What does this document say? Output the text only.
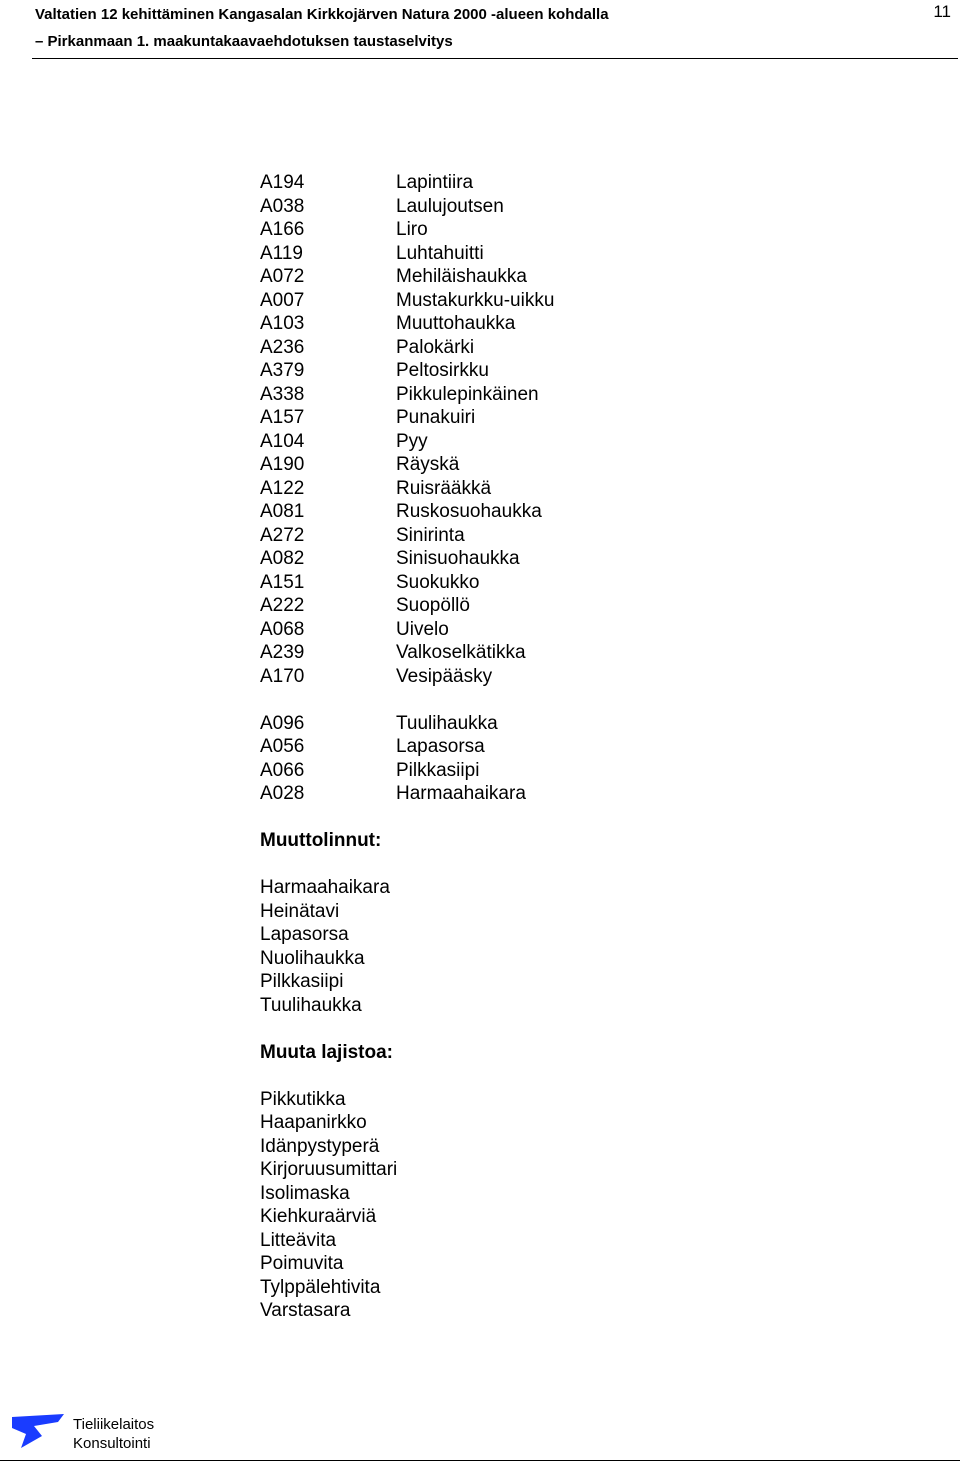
Valtatien 12 kehittäminen Kangasalan Kirkkojärven Natura 2000 -alueen kohdalla
– Pirkanmaan 1. maakuntakaavaehdotuksen taustaselvitys
11
A194	Lapintiira
A038	Laulujoutsen
A166	Liro
A119	Luhtahuitti
A072	Mehiläishaukka
A007	Mustakurkku-uikku
A103	Muuttohaukka
A236	Palokärki
A379	Peltosirkku
A338	Pikkulepinkäinen
A157	Punakuiri
A104	Pyy
A190	Räyskä
A122	Ruisrääkkä
A081	Ruskosuohaukka
A272	Sinirinta
A082	Sinisuohaukka
A151	Suokukko
A222	Suopöllö
A068	Uivelo
A239	Valkoselkätikka
A170	Vesipääsky
A096	Tuulihaukka
A056	Lapasorsa
A066	Pilkkasiipi
A028	Harmaahaikara
Muuttolinnut:
Harmaahaikara
Heinätavi
Lapasorsa
Nuolihaukka
Pilkkasiipi
Tuulihaukka
Muuta lajistoa:
Pikkutikka
Haapanirkko
Idänpystyperä
Kirjoruusumittari
Isolimaska
Kiehkuraärviä
Litteävita
Poimuvita
Tylppälehtivita
Varstasara
Tieliikelaitos
Konsultointi
